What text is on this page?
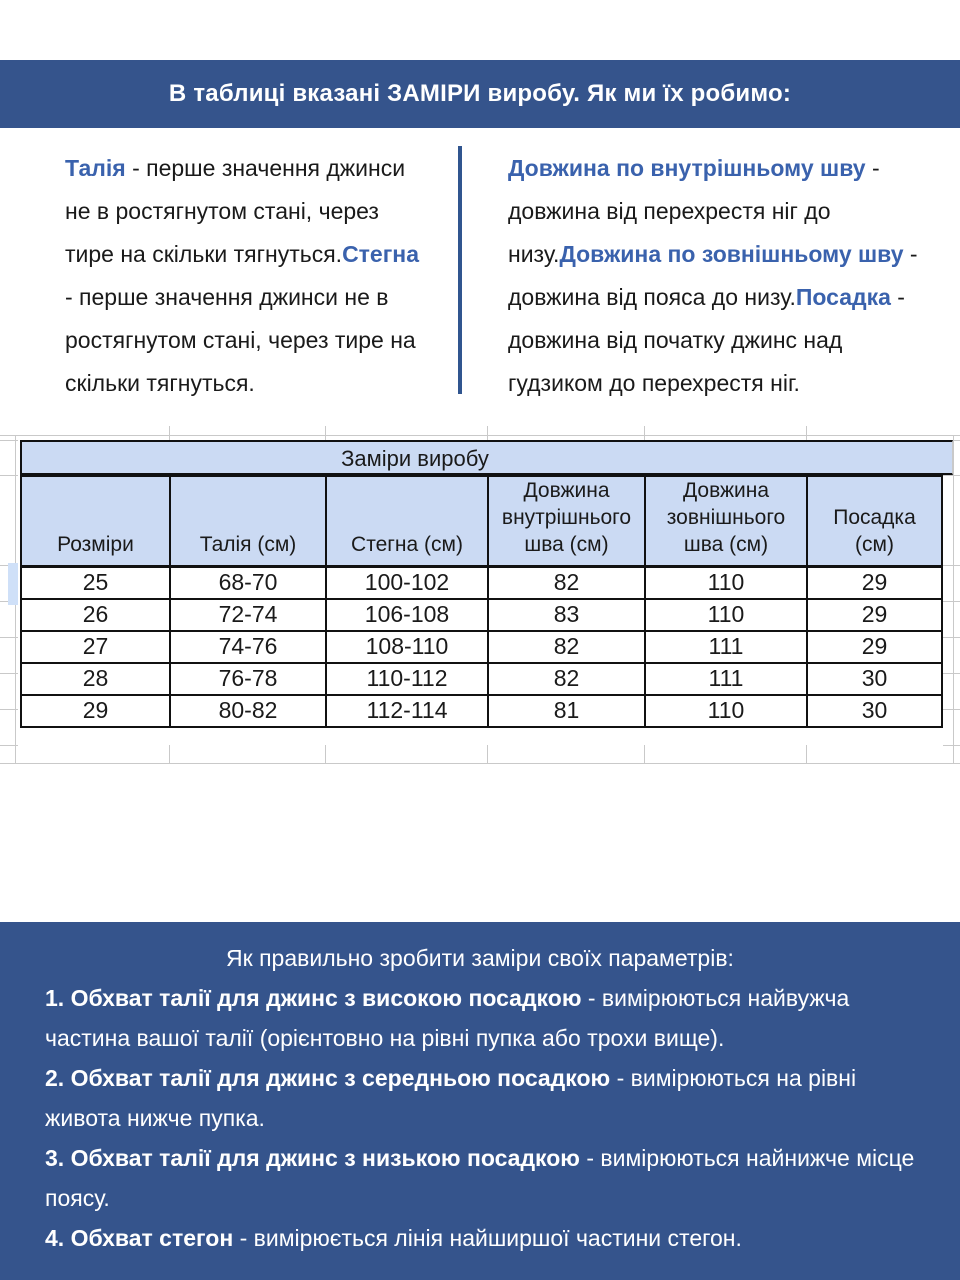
В таблиці вказані ЗАМІРИ виробу. Як ми їх робимо:

Талія - перше значення джинси не в ростягнутом стані, через тире на скільки тягнуться.

Стегна - перше значення джинси не в ростягнутом стані, через тире на скільки тягнуться.

Довжина по внутрішньому шву - довжина від перехрестя ніг до низу.

Довжина по зовнішньому шву - довжина від пояса до низу.

Посадка - довжина від початку джинс над гудзиком до перехрестя ніг.

Заміри виробу
Розміри	Талія (см)	Стегна (см)	Довжина внутрішнього шва (см)	Довжина зовнішнього шва (см)	Посадка (см)
25	68-70	100-102	82	110	29
26	72-74	106-108	83	110	29
27	74-76	108-110	82	111	29
28	76-78	110-112	82	111	30
29	80-82	112-114	81	110	30
Як правильно зробити заміри своїх параметрів:

1. Обхват талії для джинс з високою посадкою - вимірюються найвужча частина вашої талії (орієнтовно на рівні пупка або трохи вище).

2. Обхват талії для джинс з середньою посадкою - вимірюються на рівні живота нижче пупка.

3. Обхват талії для джинс з низькою посадкою - вимірюються найнижче місце поясу.

4. Обхват стегон - вимірюється лінія найширшої частини стегон.
